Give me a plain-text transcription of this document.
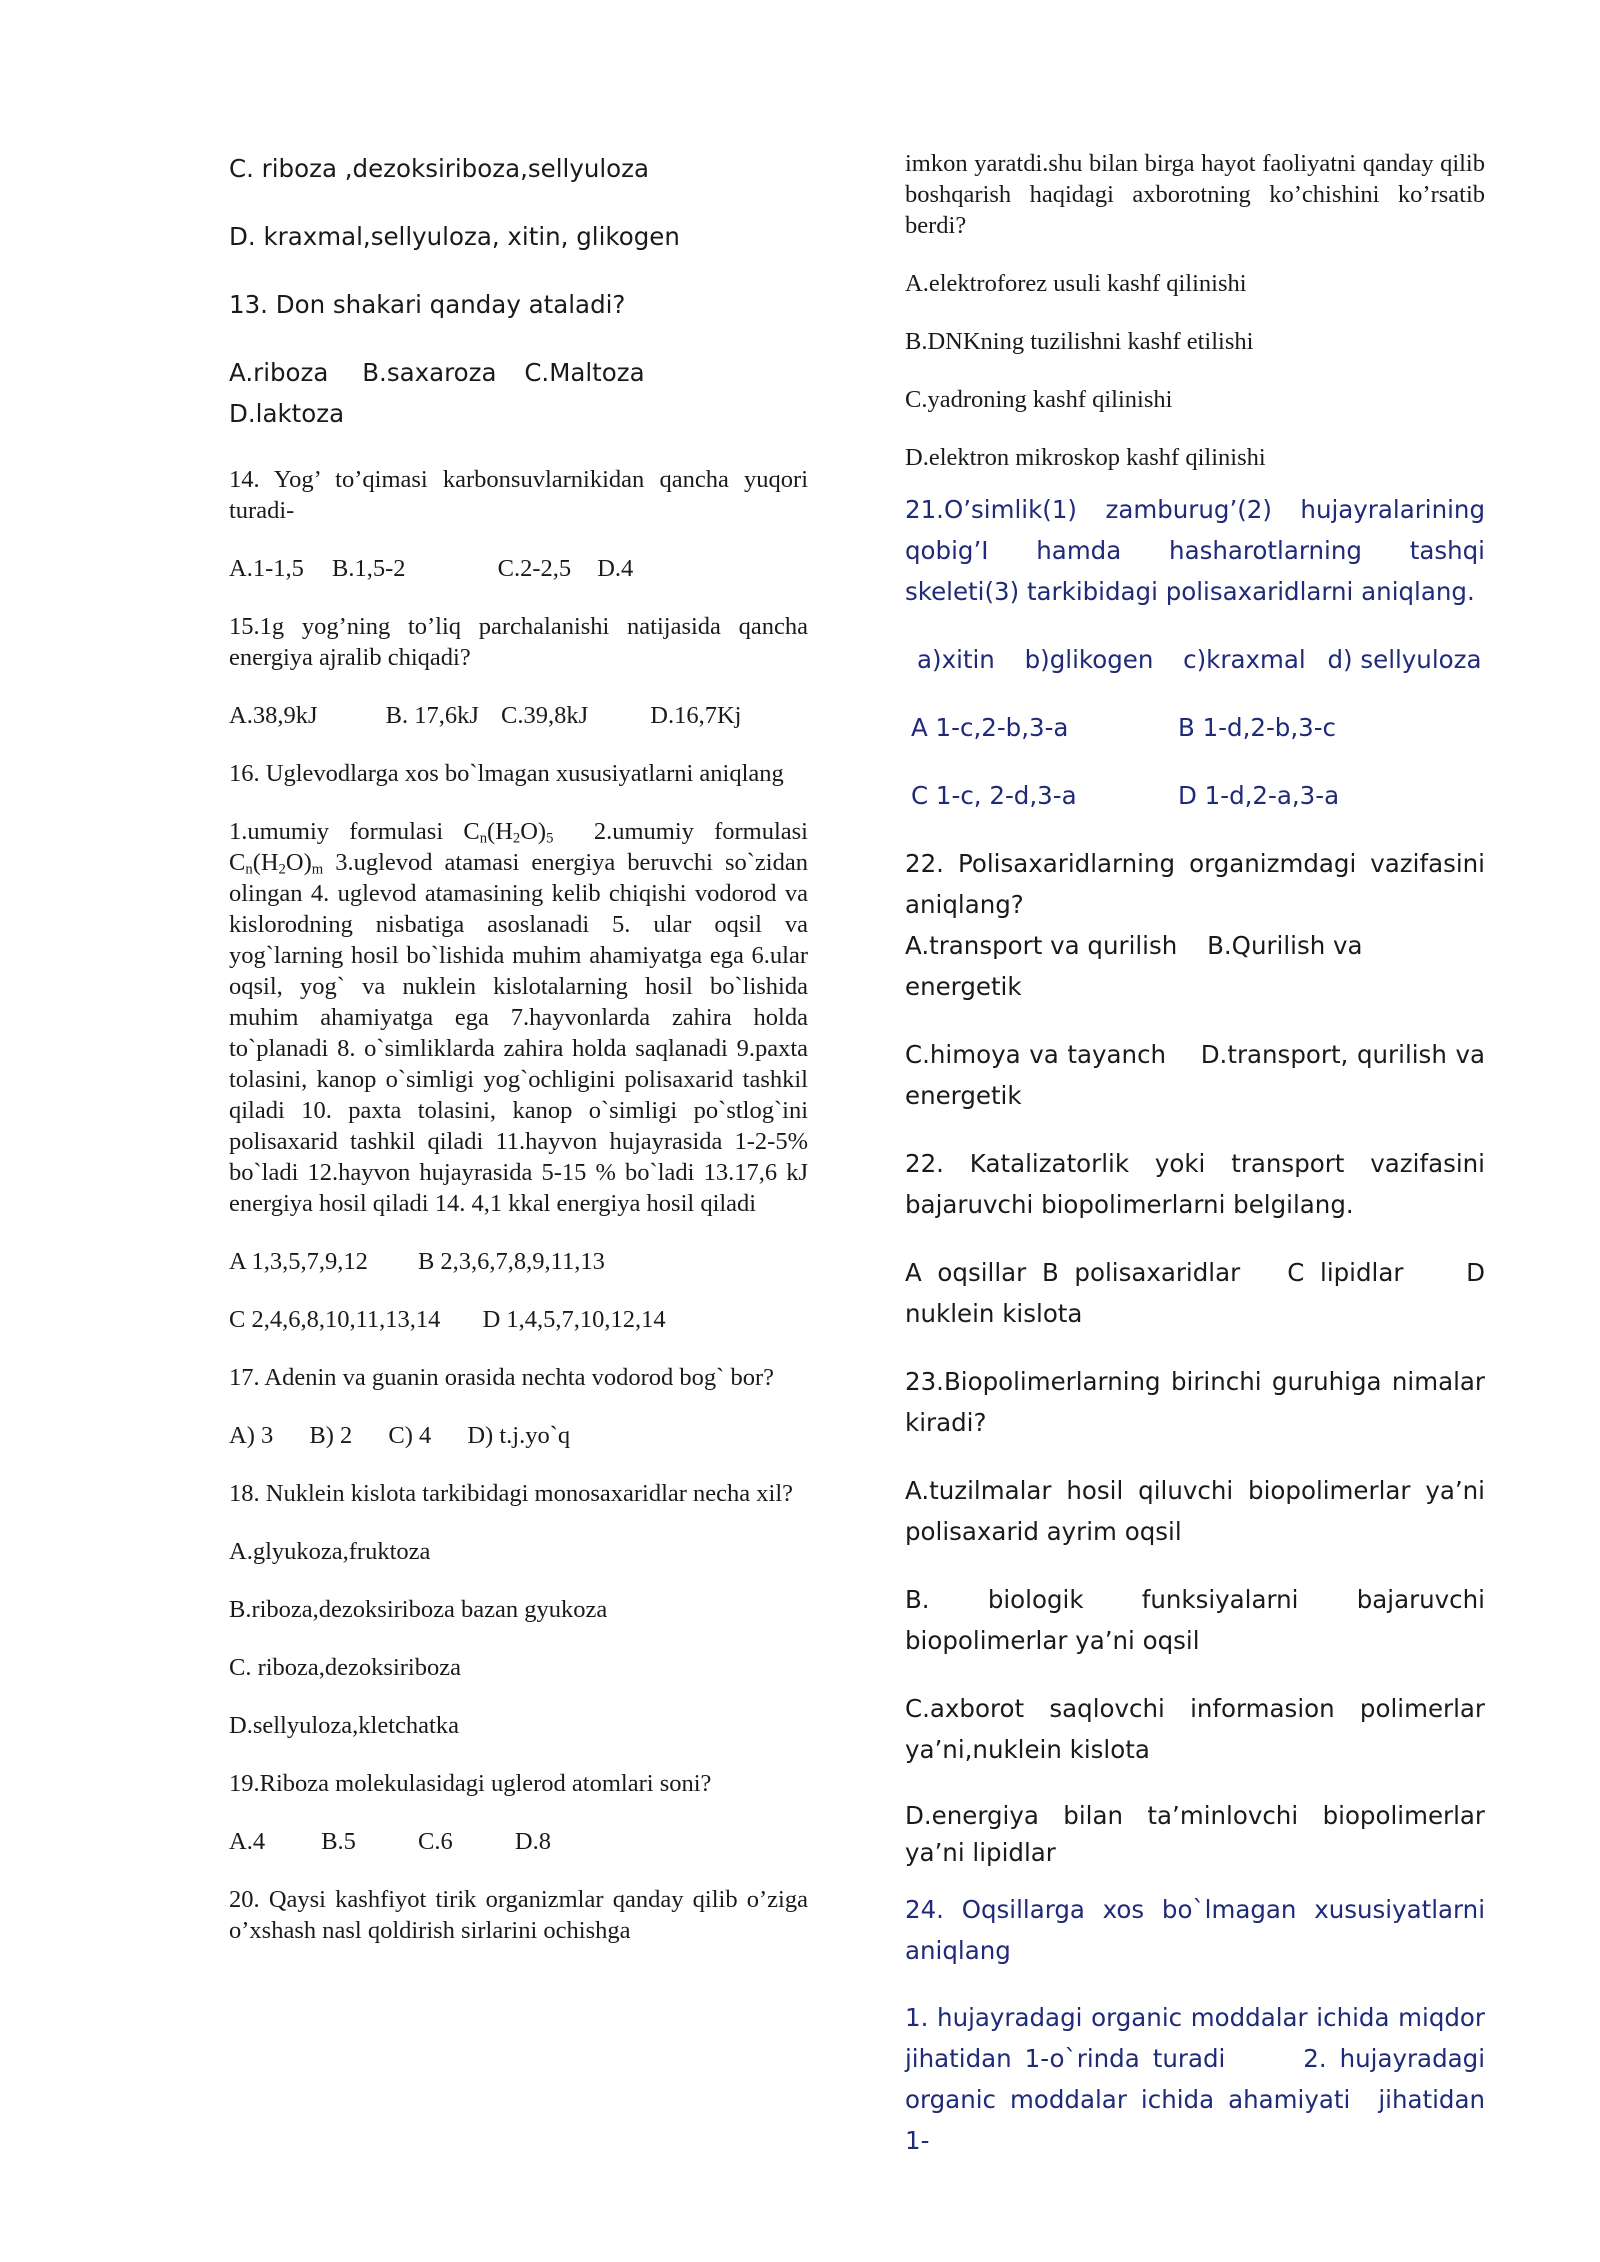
C. riboza ,dezoksiriboza,sellyuloza

D. kraxmal,sellyuloza, xitin, glikogen

13. Don shakari qanday ataladi?

A.riboza B.saxaroza C.Maltoza
D.laktoza

14. Yog’ to’qimasi karbonsuvlarnikidan qancha yuqori turadi-

A.1-1,5 B.1,5-2	C.2-2,5 D.4

15.1g yog’ning to’liq parchalanishi natijasida qancha energiya ajralib chiqadi?

A.38,9kJ	B. 17,6kJ C.39,8kJ	D.16,7Kj

16. Uglevodlarga xos bo`lmagan xususiyatlarni aniqlang

1.umumiy formulasi $C_n(H_2O)_5$  2.umumiy formulasi $C_n(H_2O)_m$ 3.uglevod atamasi energiya beruvchi so`zidan olingan 4. uglevod atamasining kelib chiqishi vodorod va kislorodning nisbatiga asoslanadi 5. ular oqsil va yog`larning hosil bo`lishida muhim ahamiyatga ega 6.ular oqsil, yog` va nuklein kislotalarning hosil bo`lishida muhim ahamiyatga ega 7.hayvonlarda zahira holda to`planadi 8. o`simliklarda zahira holda saqlanadi 9.paxta tolasini, kanop o`simligi yog`ochligini polisaxarid tashkil qiladi 10. paxta tolasini, kanop o`simligi po`stlog`ini polisaxarid tashkil qiladi 11.hayvon hujayrasida 1-2-5% bo`ladi 12.hayvon hujayrasida 5-15 % bo`ladi 13.17,6 kJ energiya hosil qiladi 14. 4,1 kkal energiya hosil qiladi

A 1,3,5,7,9,12 B 2,3,6,7,8,9,11,13
C 2,4,6,8,10,11,13,14 D 1,4,5,7,10,12,14

17. Adenin va guanin orasida nechta vodorod bog` bor?

A) 3 B) 2 C) 4 D) t.j.yo`q

18. Nuklein kislota tarkibidagi monosaxaridlar necha xil?

A.glyukoza,fruktoza

B.riboza,dezoksiriboza bazan gyukoza

C. riboza,dezoksiriboza

D.sellyuloza,kletchatka

19.Riboza molekulasidagi uglerod atomlari soni?

A.4 B.5	C.6	D.8

20. Qaysi kashfiyot tirik organizmlar qanday qilib o’ziga o’xshash nasl qoldirish sirlarini ochishga

imkon yaratdi.shu bilan birga hayot faoliyatni qanday qilib boshqarish haqidagi axborotning ko’chishini ko’rsatib berdi?

A.elektroforez usuli kashf qilinishi

B.DNKning tuzilishni kashf etilishi

C.yadroning kashf qilinishi

D.elektron mikroskop kashf qilinishi

21.O’simlik(1) zamburug’(2) hujayralarining qobig’I hamda hasharotlarning tashqi skeleti(3) tarkibidagi polisaxaridlarni aniqlang.

a)xitin b)glikogen c)kraxmal d) sellyuloza
A 1-c,2-b,3-a	B 1-d,2-b,3-c
C 1-c, 2-d,3-a	D 1-d,2-a,3-a

22. Polisaxaridlarning organizmdagi vazifasini aniqlang?

A.transport va qurilish B.Qurilish va energetik

C.himoya va tayanch D.transport, qurilish va energetik

22. Katalizatorlik yoki transport vazifasini bajaruvchi biopolimerlarni belgilang.

A oqsillar B polisaxaridlar C lipidlar	D nuklein kislota

23.Biopolimerlarning birinchi guruhiga nimalar kiradi?

A.tuzilmalar hosil qiluvchi biopolimerlar ya’ni polisaxarid ayrim oqsil

B. biologik funksiyalarni bajaruvchi biopolimerlar ya’ni oqsil

C.axborot saqlovchi informasion polimerlar ya’ni,nuklein kislota

D.energiya bilan ta’minlovchi biopolimerlar ya’ni lipidlar

24. Oqsillarga xos bo`lmagan xususiyatlarni aniqlang

1. hujayradagi organic moddalar ichida miqdor jihatidan 1-o`rinda turadi      2. hujayradagi organic moddalar ichida ahamiyati  jihatidan 1-
